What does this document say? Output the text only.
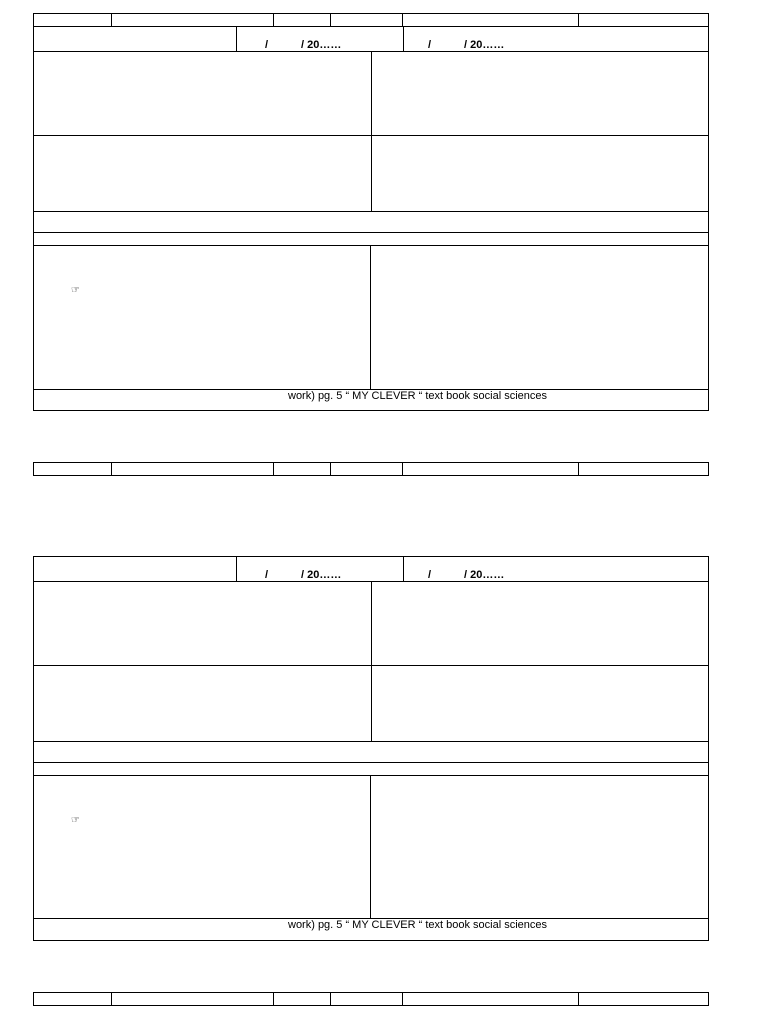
/	/ 20……	/	/ 20……
☞
work) pg. 5 “ MY CLEVER “ text book social sciences
/	/ 20……	/	/ 20……
☞
work) pg. 5 “ MY CLEVER “ text book social sciences
